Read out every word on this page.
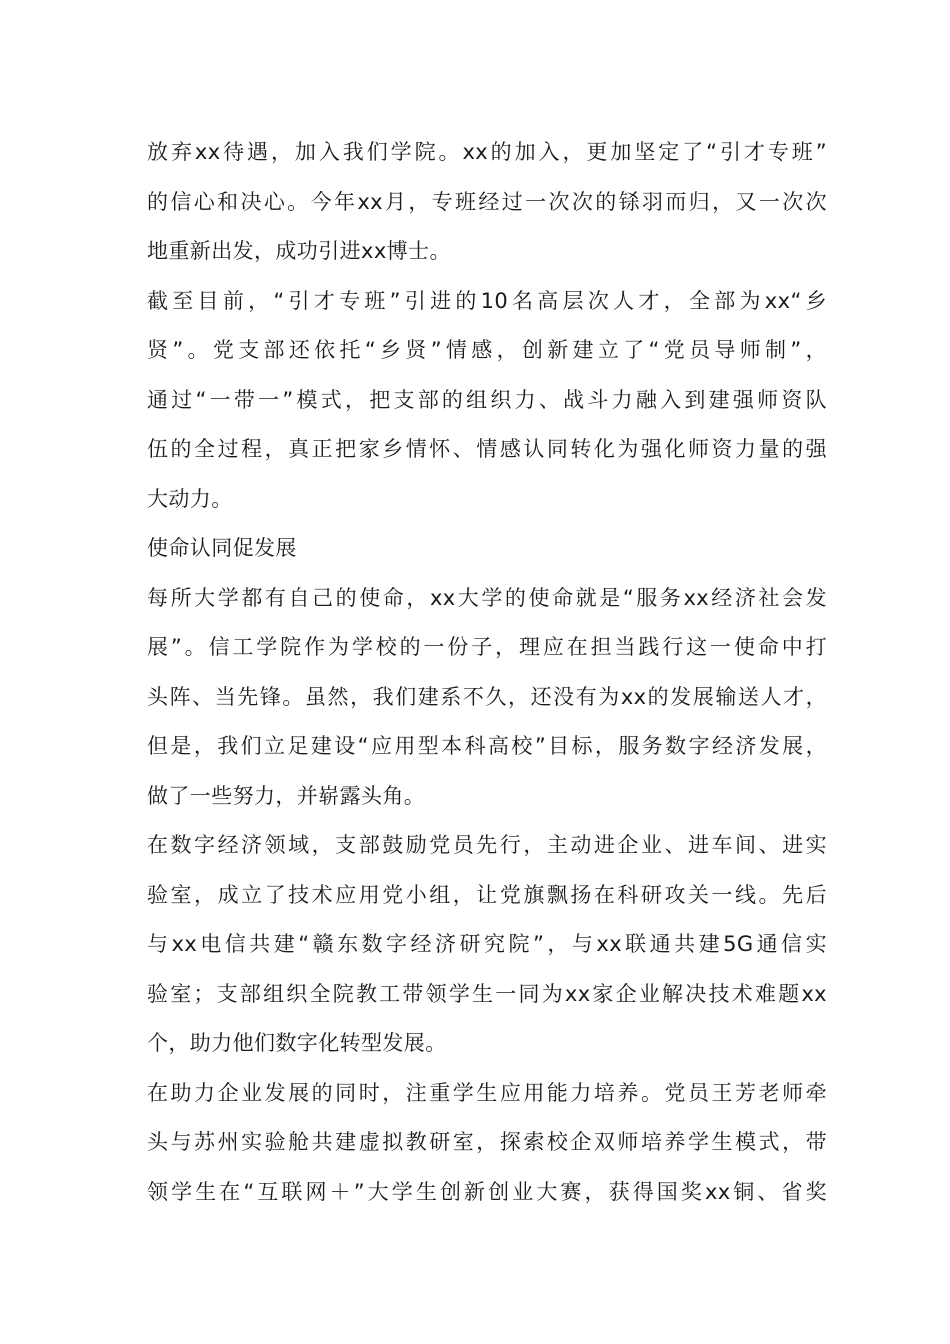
放弃xx待遇，加入我们学院。xx的加入，更加坚定了“引才专班”
的信心和决心。今年xx月，专班经过一次次的铩羽而归，又一次次
地重新出发，成功引进xx博士。
截至目前，“引才专班”引进的10名高层次人才，全部为xx“乡
贤”。党支部还依托“乡贤”情感，创新建立了“党员导师制”，
通过“一带一”模式，把支部的组织力、战斗力融入到建强师资队
伍的全过程，真正把家乡情怀、情感认同转化为强化师资力量的强
大动力。
使命认同促发展
每所大学都有自己的使命，xx大学的使命就是“服务xx经济社会发
展”。信工学院作为学校的一份子，理应在担当践行这一使命中打
头阵、当先锋。虽然，我们建系不久，还没有为xx的发展输送人才，
但是，我们立足建设“应用型本科高校”目标，服务数字经济发展，
做了一些努力，并崭露头角。
在数字经济领域，支部鼓励党员先行，主动进企业、进车间、进实
验室，成立了技术应用党小组，让党旗飘扬在科研攻关一线。先后
与xx电信共建“赣东数字经济研究院”，与xx联通共建5G通信实
验室；支部组织全院教工带领学生一同为xx家企业解决技术难题xx
个，助力他们数字化转型发展。
在助力企业发展的同时，注重学生应用能力培养。党员王芳老师牵
头与苏州实验舱共建虚拟教研室，探索校企双师培养学生模式，带
领学生在“互联网＋”大学生创新创业大赛，获得国奖xx铜、省奖
